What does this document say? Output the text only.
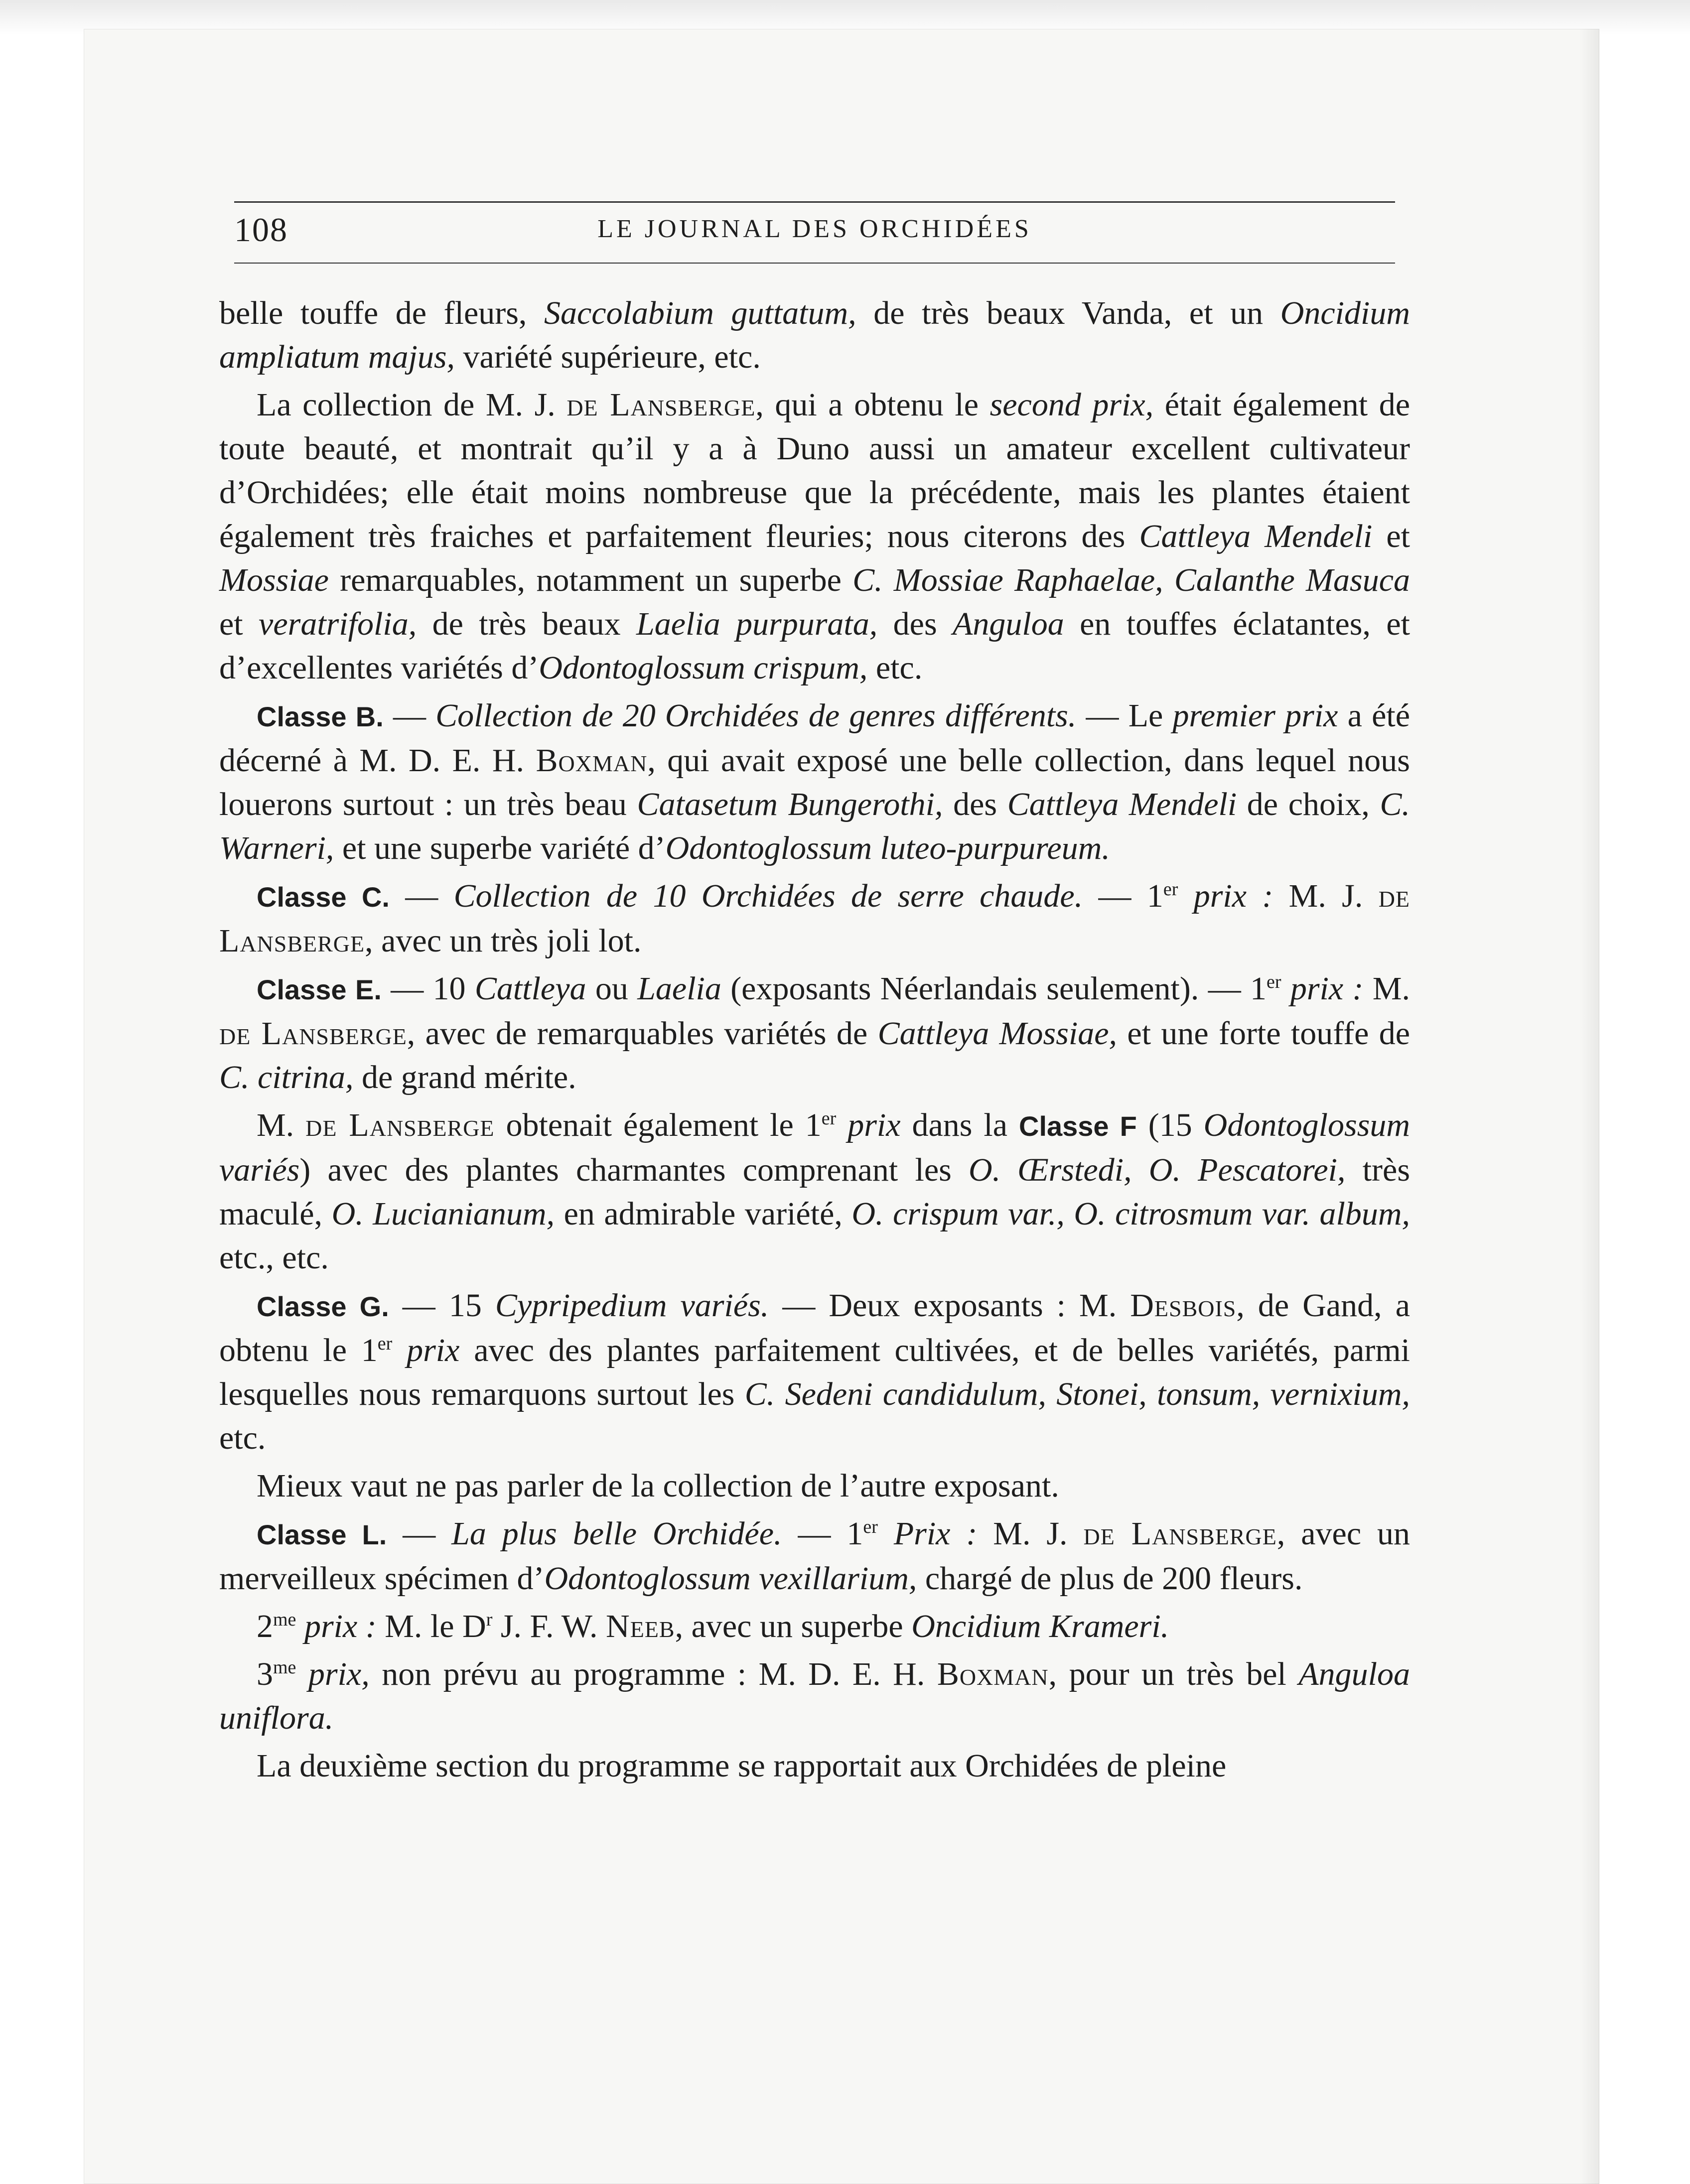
108	LE JOURNAL DES ORCHIDÉES

belle touffe de fleurs, Saccolabium guttatum, de très beaux Vanda, et un Oncidium ampliatum majus, variété supérieure, etc.

La collection de M. J. de Lansberge, qui a obtenu le second prix, était également de toute beauté, et montrait qu’il y a à Duno aussi un amateur excellent cultivateur d’Orchidées; elle était moins nombreuse que la précédente, mais les plantes étaient également très fraiches et parfaitement fleuries; nous citerons des Cattleya Mendeli et Mossiae remarquables, notamment un superbe C. Mossiae Raphaelae, Calanthe Masuca et veratrifolia, de très beaux Laelia purpurata, des Anguloa en touffes éclatantes, et d’excellentes variétés d’Odontoglossum crispum, etc.

Classe B. — Collection de 20 Orchidées de genres différents. — Le premier prix a été décerné à M. D. E. H. Boxman, qui avait exposé une belle collection, dans lequel nous louerons surtout : un très beau Catasetum Bungerothi, des Cattleya Mendeli de choix, C. Warneri, et une superbe variété d’Odontoglossum luteo-purpureum.

Classe C. — Collection de 10 Orchidées de serre chaude. — 1er prix : M. J. de Lansberge, avec un très joli lot.

Classe E. — 10 Cattleya ou Laelia (exposants Néerlandais seulement). — 1er prix : M. de Lansberge, avec de remarquables variétés de Cattleya Mossiae, et une forte touffe de C. citrina, de grand mérite.

M. de Lansberge obtenait également le 1er prix dans la Classe F (15 Odontoglossum variés) avec des plantes charmantes comprenant les O. Œrstedi, O. Pescatorei, très maculé, O. Lucianianum, en admirable variété, O. crispum var., O. citrosmum var. album, etc., etc.

Classe G. — 15 Cypripedium variés. — Deux exposants : M. Desbois, de Gand, a obtenu le 1er prix avec des plantes parfaitement cultivées, et de belles variétés, parmi lesquelles nous remarquons surtout les C. Sedeni candidulum, Stonei, tonsum, vernixium, etc.

Mieux vaut ne pas parler de la collection de l’autre exposant.

Classe L. — La plus belle Orchidée. — 1er Prix : M. J. de Lansberge, avec un merveilleux spécimen d’Odontoglossum vexillarium, chargé de plus de 200 fleurs.

$2^{me}$ prix : M. le $D^r$ J. F. W. Neeb, avec un superbe Oncidium Krameri.

$3^{me}$ prix, non prévu au programme : M. D. E. H. Boxman, pour un très bel Anguloa uniflora.

La deuxième section du programme se rapportait aux Orchidées de pleine
